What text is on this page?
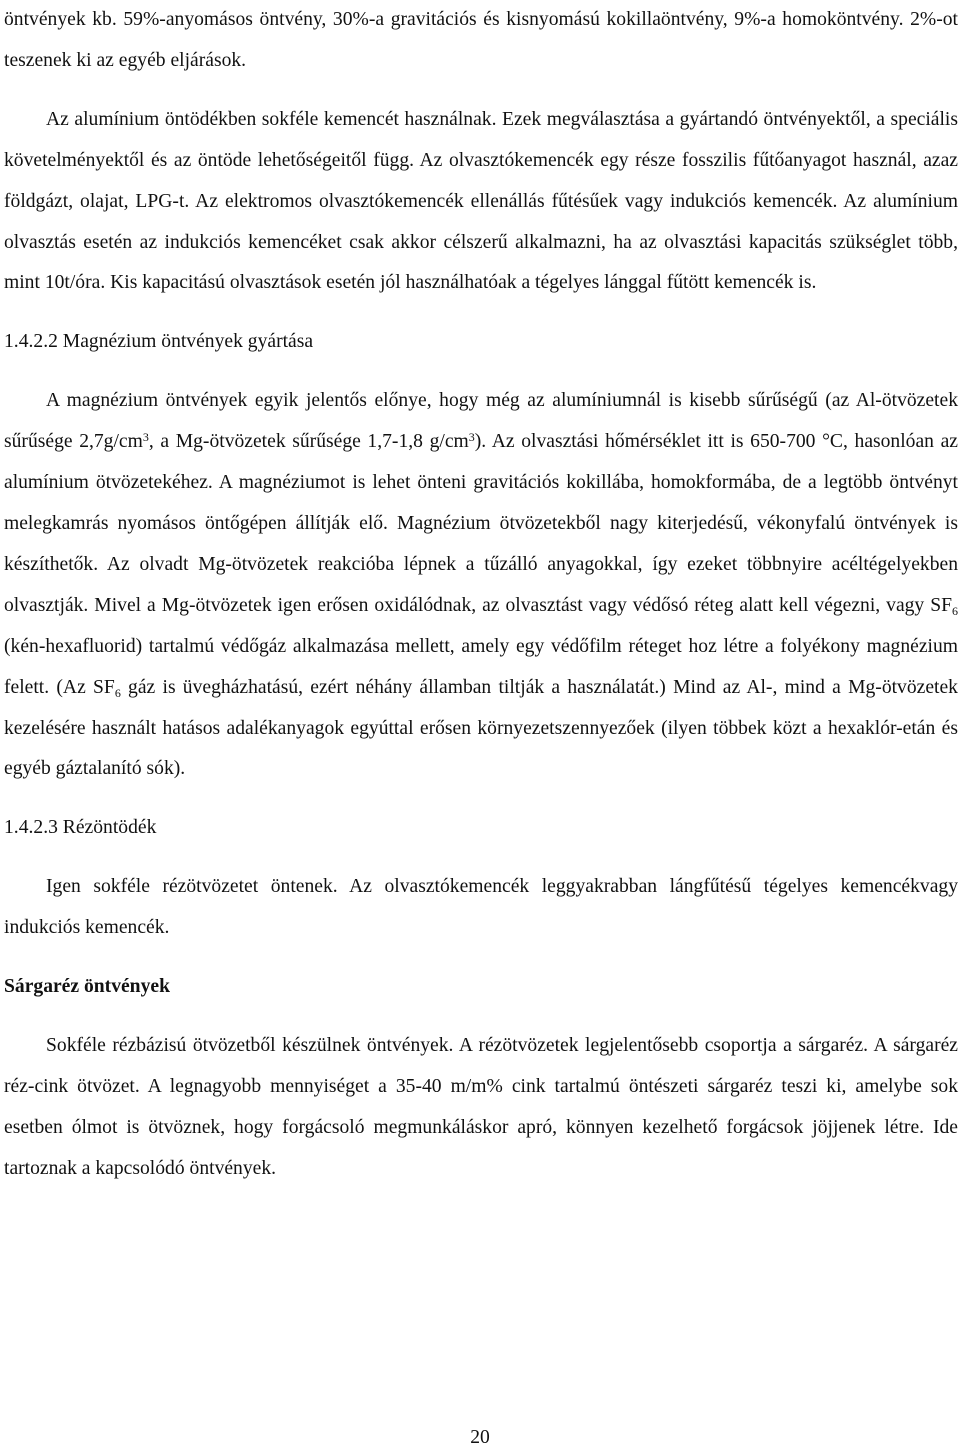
öntvények kb. 59%-anyomásos öntvény, 30%-a gravitációs és kisnyomású kokillaöntvény, 9%-a homoköntvény. 2%-ot teszenek ki az egyéb eljárások.

Az alumínium öntödékben sokféle kemencét használnak. Ezek megválasztása a gyártandó öntvényektől, a speciális követelményektől és az öntöde lehetőségeitől függ. Az olvasztókemencék egy része fosszilis fűtőanyagot használ, azaz földgázt, olajat, LPG-t. Az elektromos olvasztókemencék ellenállás fűtésűek vagy indukciós kemencék. Az alumínium olvasztás esetén az indukciós kemencéket csak akkor célszerű alkalmazni, ha az olvasztási kapacitás szükséglet több, mint 10t/óra. Kis kapacitású olvasztások esetén jól használhatóak a tégelyes lánggal fűtött kemencék is.

1.4.2.2 Magnézium öntvények gyártása

A magnézium öntvények egyik jelentős előnye, hogy még az alumíniumnál is kisebb sűrűségű (az Al-ötvözetek sűrűsége $2,7g/cm^3$, a Mg-ötvözetek sűrűsége 1,7-1,8 $g/cm^3$). Az olvasztási hőmérséklet itt is 650-700 °C, hasonlóan az alumínium ötvözetekéhez. A magnéziumot is lehet önteni gravitációs kokillába, homokformába, de a legtöbb öntvényt melegkamrás nyomásos öntőgépen állítják elő. Magnézium ötvözetekből nagy kiterjedésű, vékonyfalú öntvények is készíthetők. Az olvadt Mg-ötvözetek reakcióba lépnek a tűzálló anyagokkal, így ezeket többnyire acéltégelyekben olvasztják. Mivel a Mg-ötvözetek igen erősen oxidálódnak, az olvasztást vagy védősó réteg alatt kell végezni, vagy $SF_6$ (kén-hexafluorid) tartalmú védőgáz alkalmazása mellett, amely egy védőfilm réteget hoz létre a folyékony magnézium felett. (Az $SF_6$ gáz is üvegházhatású, ezért néhány államban tiltják a használatát.) Mind az Al-, mind a Mg-ötvözetek kezelésére használt hatásos adalékanyagok egyúttal erősen környezetszennyezőek (ilyen többek közt a hexaklór-etán és egyéb gáztalanító sók).

1.4.2.3 Rézöntödék

Igen sokféle rézötvözetet öntenek. Az olvasztókemencék leggyakrabban lángfűtésű tégelyes kemencékvagy indukciós kemencék.

Sárgaréz öntvények

Sokféle rézbázisú ötvözetből készülnek öntvények. A rézötvözetek legjelentősebb csoportja a sárgaréz. A sárgaréz réz-cink ötvözet. A legnagyobb mennyiséget a 35-40 m/m% cink tartalmú öntészeti sárgaréz teszi ki, amelybe sok esetben ólmot is ötvöznek, hogy forgácsoló megmunkáláskor apró, könnyen kezelhető forgácsok jöjjenek létre. Ide tartoznak a kapcsolódó öntvények.

20
